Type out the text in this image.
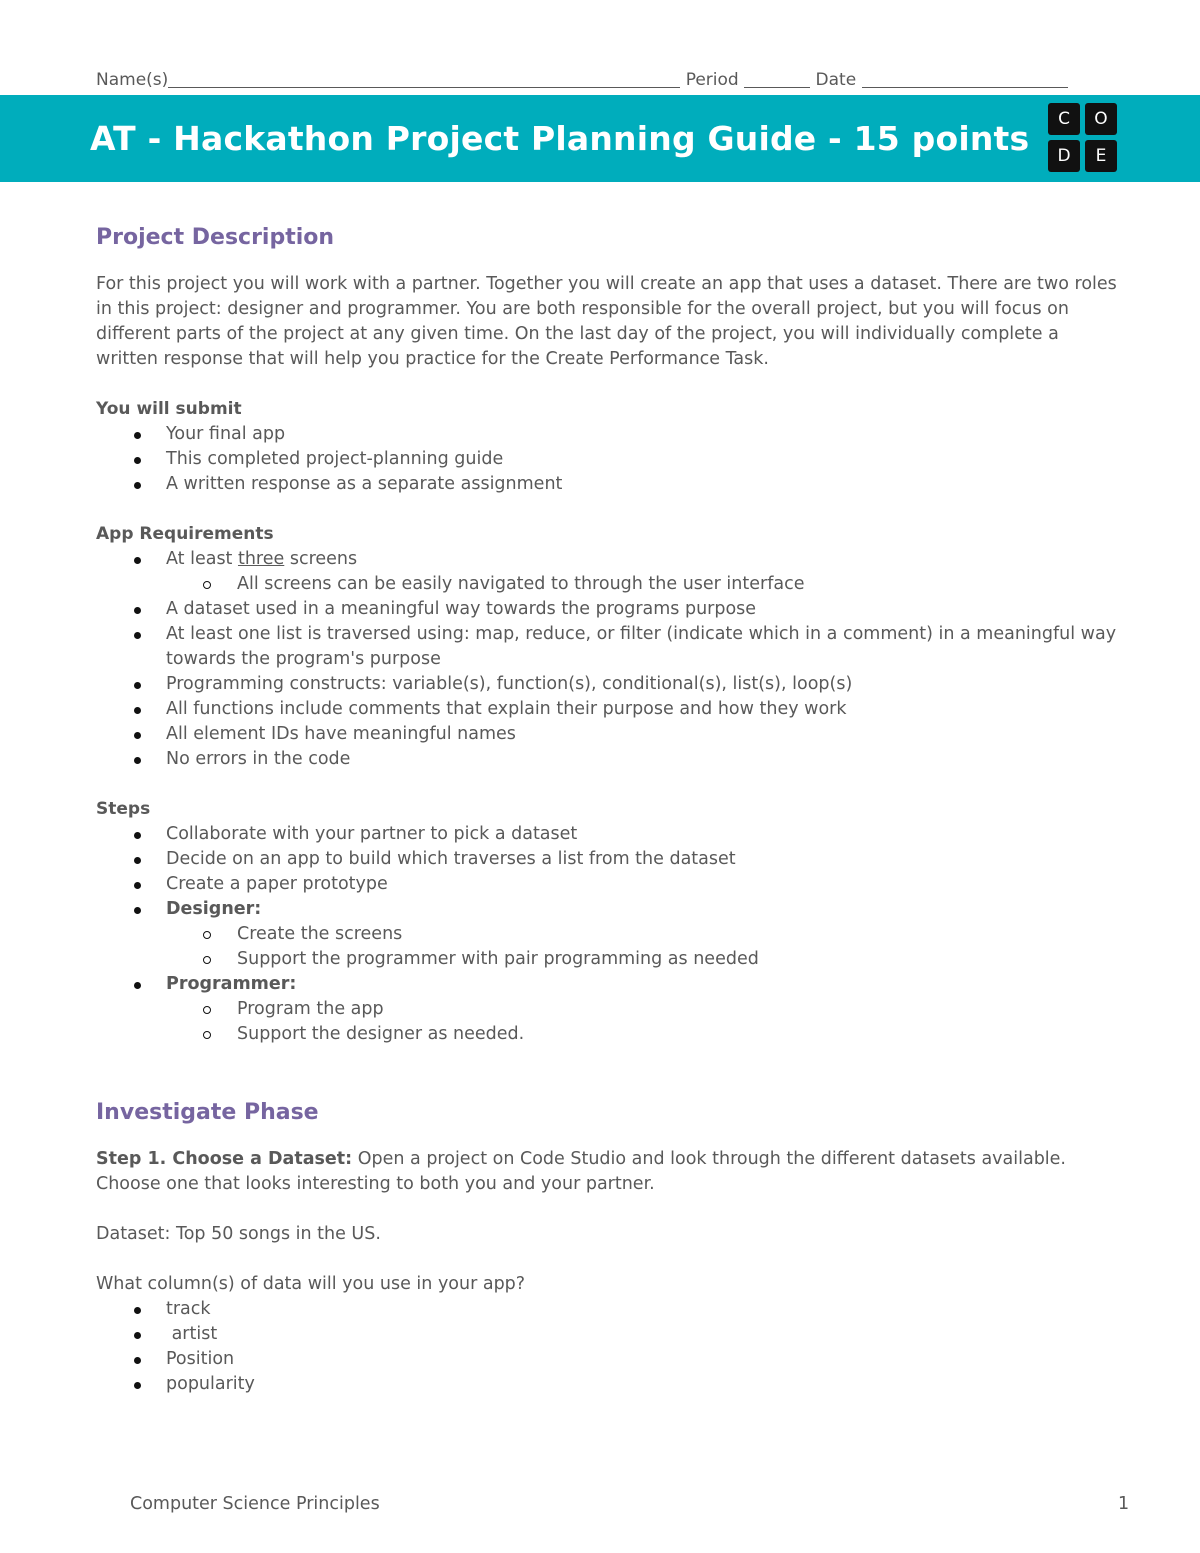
Name(s)	Period	Date
AT - Hackathon Project Planning Guide - 15 points	C	O
D	E
Project Description

For this project you will work with a partner. Together you will create an app that uses a dataset. There are two roles in this project: designer and programmer. You are both responsible for the overall project, but you will focus on different parts of the project at any given time. On the last day of the project, you will individually complete a written response that will help you practice for the Create Performance Task.

You will submit
Your final app
This completed project-planning guide
A written response as a separate assignment
App Requirements
At least three screens
All screens can be easily navigated to through the user interface
A dataset used in a meaningful way towards the programs purpose
At least one list is traversed using: map, reduce, or filter (indicate which in a comment) in a meaningful way towards the program's purpose
Programming constructs: variable(s), function(s), conditional(s), list(s), loop(s)
All functions include comments that explain their purpose and how they work
All element IDs have meaningful names
No errors in the code
Steps
Collaborate with your partner to pick a dataset
Decide on an app to build which traverses a list from the dataset
Create a paper prototype
Designer:
Create the screens
Support the programmer with pair programming as needed
Programmer:
Program the app
Support the designer as needed.
Investigate Phase

Step 1. Choose a Dataset: Open a project on Code Studio and look through the different datasets available. Choose one that looks interesting to both you and your partner.

Dataset: Top 50 songs in the US.

What column(s) of data will you use in your app?

track
artist
Position
popularity
Computer Science Principles	1
